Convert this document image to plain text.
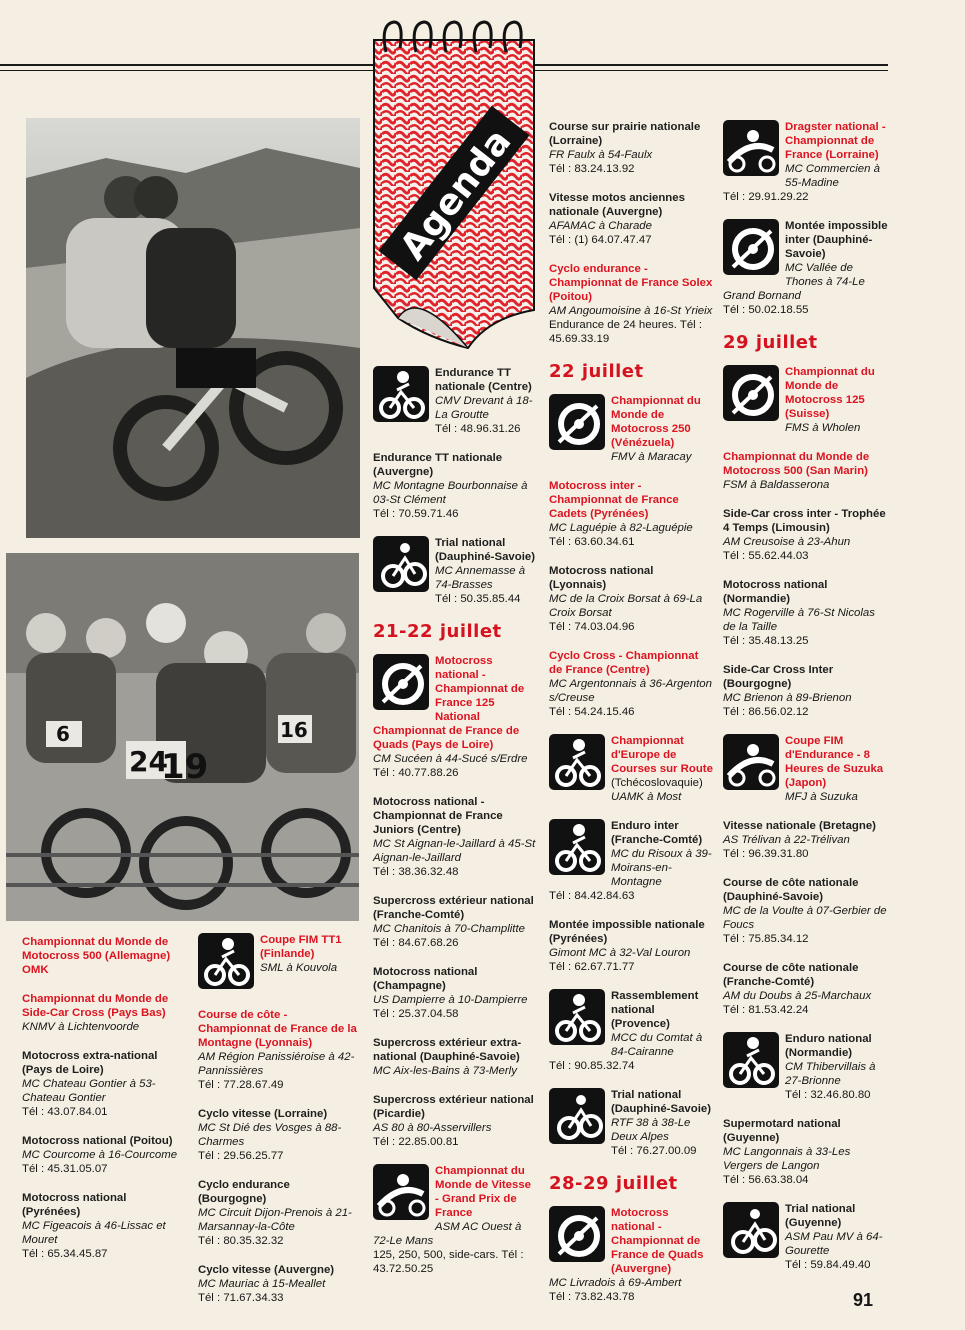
6
24
19
16
Agenda
Championnat du Monde de Motocross 500 (Allemagne)
OMK
Championnat du Monde de Side-Car Cross (Pays Bas)
KNMV à Lichtenvoorde
Motocross extra-national (Pays de Loire)
MC Chateau Gontier à 53-Chateau Gontier
Tél : 43.07.84.01
Motocross national (Poitou)
MC Courcome à 16-Courcome
Tél : 45.31.05.07
Motocross national (Pyrénées)
MC Figeacois à 46-Lissac et Mouret
Tél : 65.34.45.87
Coupe FIM TT1 (Finlande)
SML à Kouvola
Course de côte -Championnat de France de la Montagne (Lyonnais)
AM Région Panissiéroise à 42-Pannissières
Tél : 77.28.67.49
Cyclo vitesse (Lorraine)
MC St Dié des Vosges à 88-Charmes
Tél : 29.56.25.77
Cyclo endurance (Bourgogne)
MC Circuit Dijon-Prenois à 21-Marsannay-la-Côte
Tél : 80.35.32.32
Cyclo vitesse (Auvergne)
MC Mauriac à 15-Meallet
Tél : 71.67.34.33
Endurance TT nationale (Centre)
CMV Drevant à 18-La Groutte
Tél : 48.96.31.26
Endurance TT nationale (Auvergne)
MC Montagne Bourbonnaise à 03-St Clément
Tél : 70.59.71.46
Trial national (Dauphiné-Savoie)
MC Annemasse à 74-Brasses
Tél : 50.35.85.44
21-22 juillet
Motocross national - Championnat de France 125 National Championnat de France de Quads (Pays de Loire)
CM Sucéen à 44-Sucé s/Erdre
Tél : 40.77.88.26
Motocross national - Championnat de France Juniors (Centre)
MC St Aignan-le-Jaillard à 45-St Aignan-le-Jaillard
Tél : 38.36.32.48
Supercross extérieur national (Franche-Comté)
MC Chanitois à 70-Champlitte
Tél : 84.67.68.26
Motocross national (Champagne)
US Dampierre à 10-Dampierre
Tél : 25.37.04.58
Supercross extérieur extra-national (Dauphiné-Savoie)
MC Aix-les-Bains à 73-Merly
Supercross extérieur national (Picardie)
AS 80 à 80-Asservillers
Tél : 22.85.00.81
Championnat du Monde de Vitesse - Grand Prix de France
ASM AC Ouest à 72-Le Mans
125, 250, 500, side-cars. Tél : 43.72.50.25
Course sur prairie nationale (Lorraine)
FR Faulx à 54-Faulx
Tél : 83.24.13.92
Vitesse motos anciennes nationale (Auvergne)
AFAMAC à Charade
Tél : (1) 64.07.47.47
Cyclo endurance - Championnat de France Solex (Poitou)
AM Angoumoisine à 16-St Yrieix
Endurance de 24 heures. Tél : 45.69.33.19
22 juillet
Championnat du Monde de Motocross 250 (Vénézuela)
FMV à Maracay
Motocross inter - Championnat de France Cadets (Pyrénées)
MC Laguépie à 82-Laguépie
Tél : 63.60.34.61
Motocross national (Lyonnais)
MC de la Croix Borsat à 69-La Croix Borsat
Tél : 74.03.04.96
Cyclo Cross - Championnat de France (Centre)
MC Argentonnais à 36-Argenton s/Creuse
Tél : 54.24.15.46
Championnat d'Europe de Courses sur Route
(Tchécoslovaquie)
UAMK à Most
Enduro inter (Franche-Comté)
MC du Risoux à 39-Moirans-en-Montagne
Tél : 84.42.84.63
Montée impossible nationale (Pyrénées)
Gimont MC à 32-Val Louron
Tél : 62.67.71.77
Rassemblement national (Provence)
MCC du Comtat à 84-Cairanne
Tél : 90.85.32.74
Trial national (Dauphiné-Savoie)
RTF 38 à 38-Le Deux Alpes
Tél : 76.27.00.09
28-29 juillet
Motocross national - Championnat de France de Quads (Auvergne)
MC Livradois à 69-Ambert
Tél : 73.82.43.78
Dragster national - Championnat de France (Lorraine)
MC Commercien à 55-Madine
Tél : 29.91.29.22
Montée impossible inter (Dauphiné-Savoie)
MC Vallée de Thones à 74-Le Grand Bornand
Tél : 50.02.18.55
29 juillet
Championnat du Monde de Motocross 125 (Suisse)
FMS à Wholen
Championnat du Monde de Motocross 500 (San Marin)
FSM à Baldasserona
Side-Car cross inter - Trophée 4 Temps (Limousin)
AM Creusoise à 23-Ahun
Tél : 55.62.44.03
Motocross national (Normandie)
MC Rogerville à 76-St Nicolas de la Taille
Tél : 35.48.13.25
Side-Car Cross Inter (Bourgogne)
MC Brienon à 89-Brienon
Tél : 86.56.02.12
Coupe FIM d'Endurance - 8 Heures de Suzuka (Japon)
MFJ à Suzuka
Vitesse nationale (Bretagne)
AS Trélivan à 22-Trélivan
Tél : 96.39.31.80
Course de côte nationale (Dauphiné-Savoie)
MC de la Voulte à 07-Gerbier de Foucs
Tél : 75.85.34.12
Course de côte nationale (Franche-Comté)
AM du Doubs à 25-Marchaux
Tél : 81.53.42.24
Enduro national (Normandie)
CM Thibervillais à 27-Brionne
Tél : 32.46.80.80
Supermotard national (Guyenne)
MC Langonnais à 33-Les Vergers de Langon
Tél : 56.63.38.04
Trial national (Guyenne)
ASM Pau MV à 64-Gourette
Tél : 59.84.49.40
91
